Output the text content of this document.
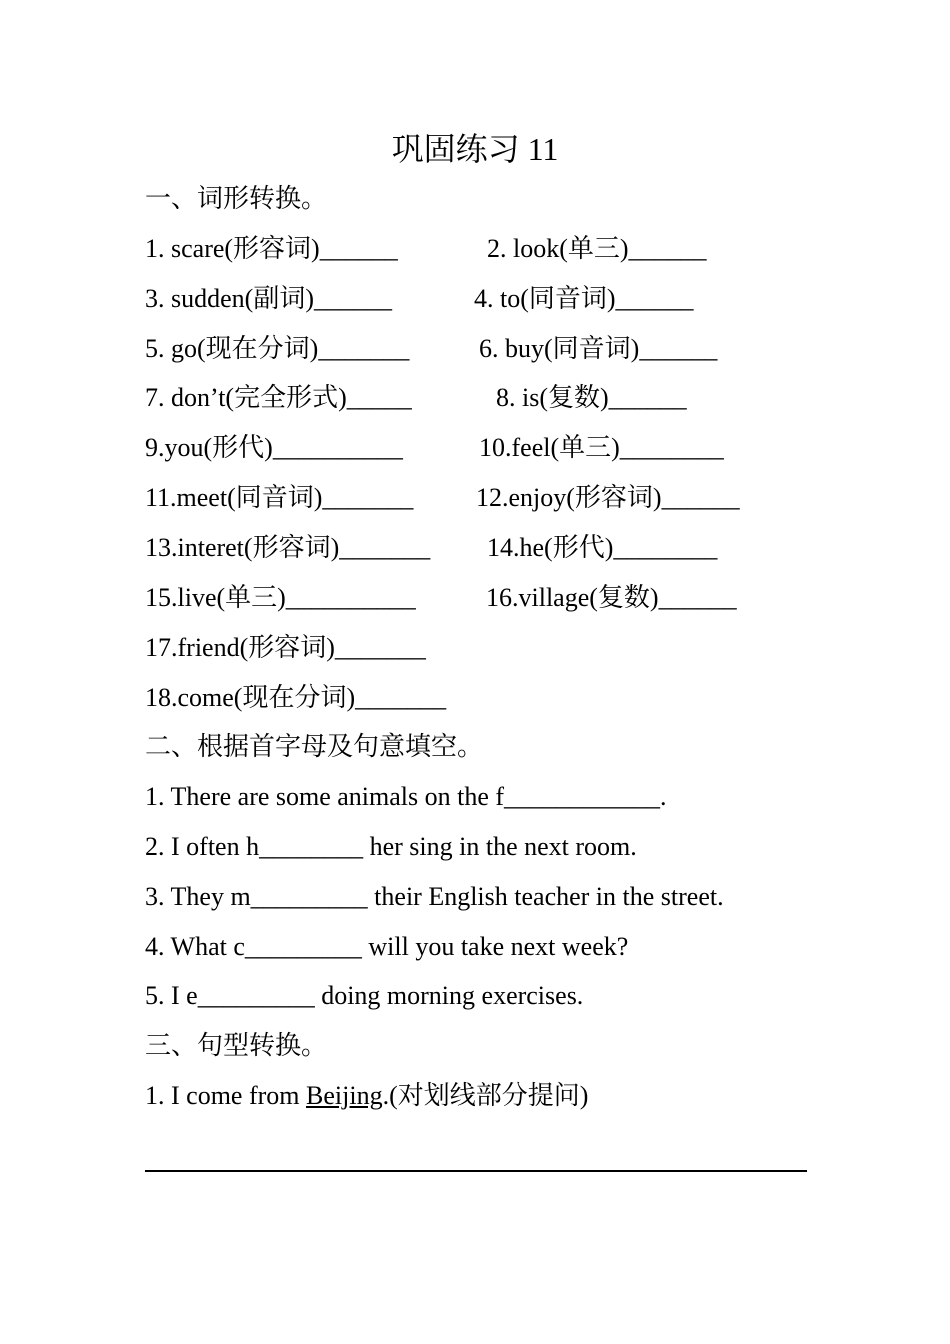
巩固练习 11
一、词形转换。
1. scare(形容词)______	2. look(单三)______
3. sudden(副词)______	4. to(同音词)______
5. go(现在分词)_______	6. buy(同音词)______
7. don’t(完全形式)_____	8. is(复数)______
9.you(形代)__________	10.feel(单三)________
11.meet(同音词)_______ 12.enjoy(形容词)______
13.interet(形容词)_______ 14.he(形代)________
15.live(单三)__________	16.village(复数)______
17.friend(形容词)_______
18.come(现在分词)_______
二、根据首字母及句意填空。
1. There are some animals on the f____________.
2. I often h________ her sing in the next room.
3. They m_________ their English teacher in the street.
4. What c_________ will you take next week?
5. I e_________ doing morning exercises.
三、句型转换。
1. I come from Beijing.(对划线部分提问)
